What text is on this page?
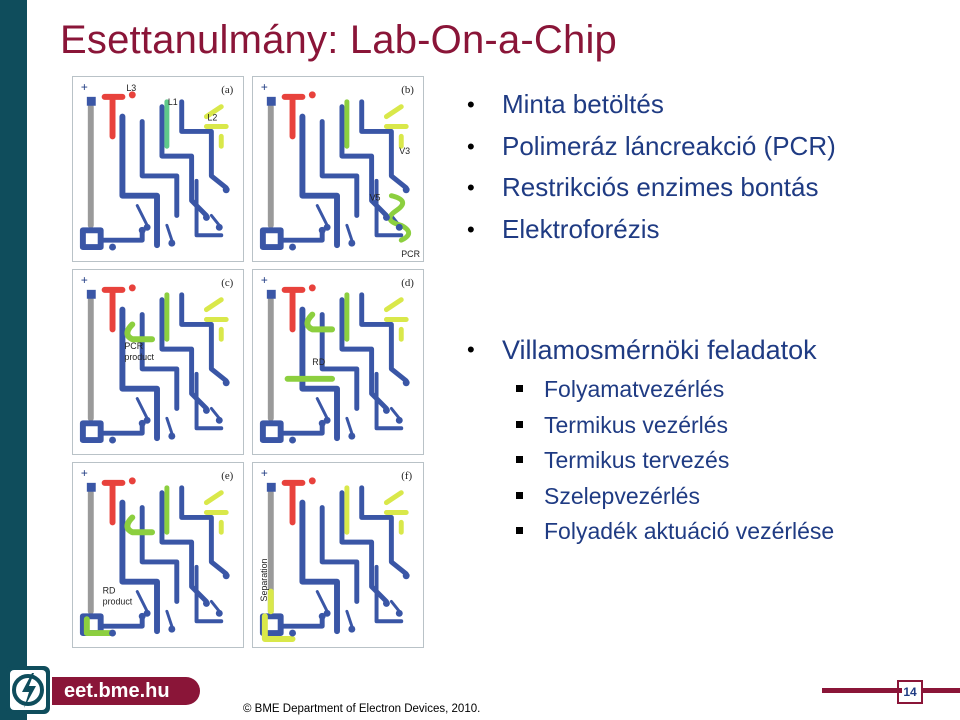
Esettanulmány: Lab-On-a-Chip
+	(a)
L3
L1
L2
+	(b)
V3
V5
PCR
+	(c)
PCR
product
+	(d)
RD
+	(e)
RD
product
+	(f)
Separation
• Minta betöltés
• Polimeráz láncreakció (PCR)
• Restrikciós enzimes bontás
• Elektroforézis
• Villamosmérnöki feladatok
Folyamatvezérlés
Termikus vezérlés
Termikus tervezés
Szelepvezérlés
Folyadék aktuáció vezérlése
eet.bme.hu
© BME Department of Electron Devices, 2010.
14
